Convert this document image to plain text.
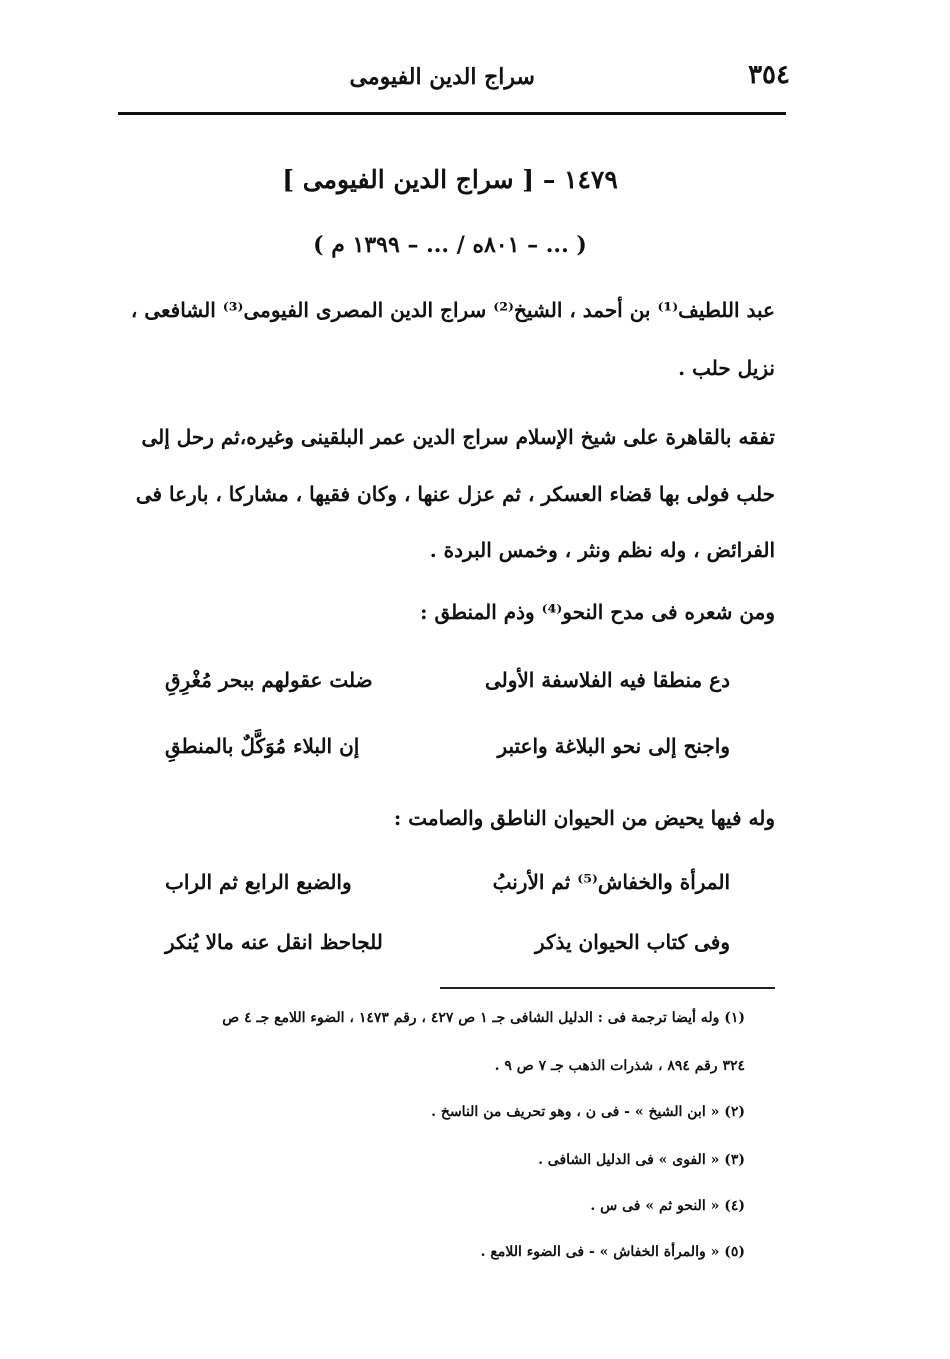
سراج الدين الفيومى	٣٥٤
١٤٧٩ – [ سراج الدين الفيومى ]
( ... – ٨٠١ه / ... – ١٣٩٩ م )
عبد اللطيف⁽¹⁾ بن أحمد ، الشيخ⁽²⁾ سراج الدين المصرى الفيومى⁽³⁾ الشافعى ،
نزيل حلب .
تفقه بالقاهرة على شيخ الإسلام سراج الدين عمر البلقينى وغيره،ثم رحل إلى
حلب فولى بها قضاء العسكر ، ثم عزل عنها ، وكان فقيها ، مشاركا ، بارعا فى
الفرائض ، وله نظم ونثر ، وخمس البردة .
ومن شعره فى مدح النحو⁽⁴⁾ وذم المنطق :
دع منطقا فيه الفلاسفة الأولى
ضلت عقولهم ببحر مُغْرِقِ
واجنح إلى نحو البلاغة واعتبر
إن البلاء مُوَكَّلٌ بالمنطقِ
وله فيها يحيض من الحيوان الناطق والصامت :
المرأة والخفاش⁽⁵⁾ ثم الأرنبُ
والضبع الرابع ثم الراب
وفى كتاب الحيوان يذكر
للجاحظ انقل عنه مالا يُنكر
(١) وله أيضا ترجمة فى : الدليل الشافى جـ ١ ص ٤٢٧ ، رقم ١٤٧٣ ، الضوء اللامع جـ ٤ ص
٣٢٤ رقم ٨٩٤ ، شذرات الذهب جـ ٧ ص ٩ .
(٢) « ابن الشيخ » - فى ن ، وهو تحريف من الناسخ .
(٣) « الفوى » فى الدليل الشافى .
(٤) « النحو ثم » فى س .
(٥) « والمرأة الخفاش » - فى الضوء اللامع .
